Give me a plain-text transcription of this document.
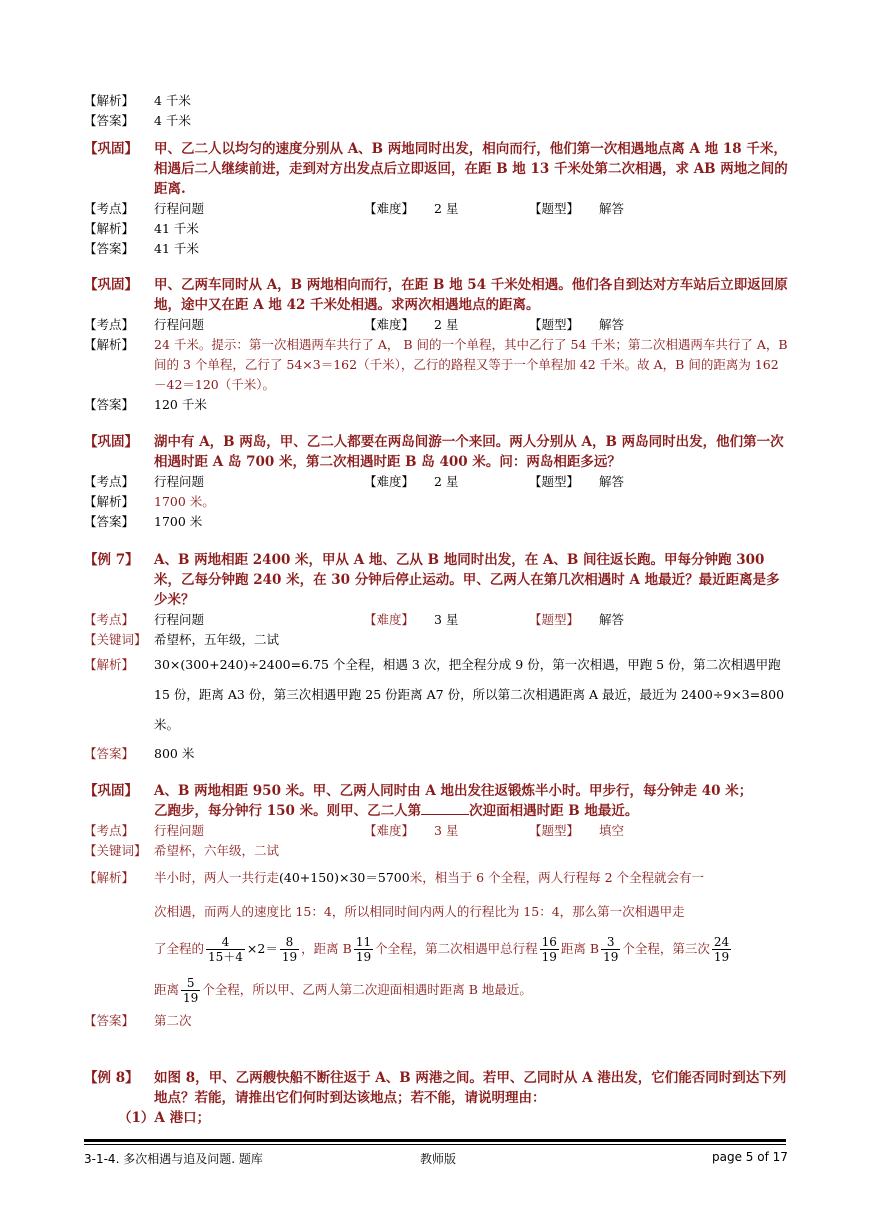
【解析】 4 千米
【答案】 4 千米
【巩固】 甲、乙二人以均匀的速度分别从 A、B 两地同时出发，相向而行，他们第一次相遇地点离 A 地 18 千米，相遇后二人继续前进，走到对方出发点后立即返回，在距 B 地 13 千米处第二次相遇，求 AB 两地之间的距离.
【考点】 行程问题	【难度】 2 星	【题型】 解答
【解析】 41 千米
【答案】 41 千米
【巩固】 甲、乙两车同时从 A，B 两地相向而行，在距 B 地 54 千米处相遇。他们各自到达对方车站后立即返回原地，途中又在距 A 地 42 千米处相遇。求两次相遇地点的距离。
【考点】 行程问题	【难度】 2 星	【题型】 解答
【解析】 24 千米。提示：第一次相遇两车共行了 A， B 间的一个单程，其中乙行了 54 千米；第二次相遇两车共行了 A，B 间的 3 个单程，乙行了 54×3＝162（千米），乙行的路程又等于一个单程加 42 千米。故 A，B 间的距离为 162－42＝120（千米）。
【答案】 120 千米
【巩固】 湖中有 A，B 两岛，甲、乙二人都要在两岛间游一个来回。两人分别从 A，B 两岛同时出发，他们第一次相遇时距 A 岛 700 米，第二次相遇时距 B 岛 400 米。问：两岛相距多远？
【考点】 行程问题	【难度】 2 星	【题型】 解答
【解析】 1700 米。
【答案】 1700 米
【例 7】 A、B 两地相距 2400 米，甲从 A 地、乙从 B 地同时出发，在 A、B 间往返长跑。甲每分钟跑 300 米，乙每分钟跑 240 米，在 30 分钟后停止运动。甲、乙两人在第几次相遇时 A 地最近？最近距离是多少米？
【考点】 行程问题	【难度】 3 星	【题型】 解答
【关键词】 希望杯，五年级，二试
【解析】 30×(300+240)÷2400=6.75 个全程，相遇 3 次，把全程分成 9 份，第一次相遇，甲跑 5 份，第二次相遇甲跑 15 份，距离 A3 份，第三次相遇甲跑 25 份距离 A7 份，所以第二次相遇距离 A 最近，最近为 2400÷9×3=800 米。
【答案】 800 米
【巩固】 A、B 两地相距 950 米。甲、乙两人同时由 A 地出发往返锻炼半小时。甲步行，每分钟走 40 米；
乙跑步，每分钟行 150 米。则甲、乙二人第	次迎面相遇时距 B 地最近。
【考点】 行程问题	【难度】 3 星	【题型】 填空
【关键词】 希望杯，六年级，二试
【解析】 半小时，两人一共行走(40+150)×30＝5700米，相当于 6 个全程，两人行程每 2 个全程就会有一
次相遇，而两人的速度比 15：4，所以相同时间内两人的行程比为 15：4，那么第一次相遇甲走
了全程的 $\frac{4}{15+4} \times 2= \frac{8}{19}$ ，距离 B $\frac{11}{19}$ 个全程，第二次相遇甲总行程 $\frac{16}{19}$ 距离 B $\frac{3}{19}$ 个全程，第三次 $\frac{24}{19}$
距离 $\frac{5}{19}$ 个全程，所以甲、乙两人第二次迎面相遇时距离 B 地最近。
【答案】 第二次
【例 8】 如图 8，甲、乙两艘快船不断往返于 A、B 两港之间。若甲、乙同时从 A 港出发，它们能否同时到达下列地点？若能，请推出它们何时到达该地点；若不能，请说明理由：
（1）A 港口；
3-1-4. 多次相遇与追及问题. 题库	教师版	page 5 of 17
